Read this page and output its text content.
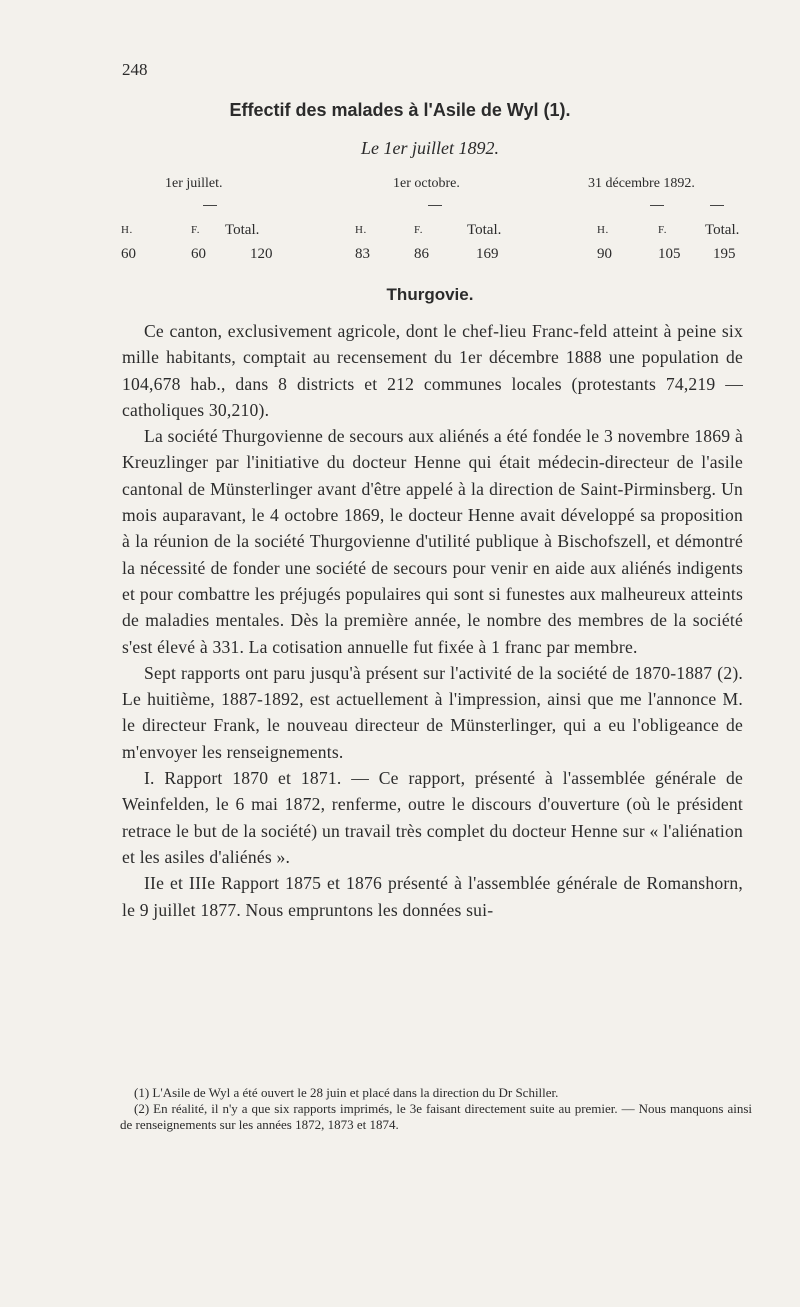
248
Effectif des malades à l'Asile de Wyl (1).
Le 1er juillet 1892.
1er juillet.
H.	F. Total.
60	60	120
1er octobre.
H.	F.	Total.
83	86	169
31 décembre 1892.
H.	F.	Total.
90	105 195
Thurgovie.

Ce canton, exclusivement agricole, dont le chef-lieu Franc-feld atteint à peine six mille habitants, comptait au recensement du 1er décembre 1888 une population de 104,678 hab., dans 8 districts et 212 communes locales (protestants 74,219 — catholiques 30,210).

La société Thurgovienne de secours aux aliénés a été fondée le 3 novembre 1869 à Kreuzlinger par l'initiative du docteur Henne qui était médecin-directeur de l'asile cantonal de Münsterlinger avant d'être appelé à la direction de Saint-Pirminsberg. Un mois auparavant, le 4 octobre 1869, le docteur Henne avait développé sa proposition à la réunion de la société Thurgovienne d'utilité publique à Bischofszell, et démontré la nécessité de fonder une société de secours pour venir en aide aux aliénés indigents et pour combattre les préjugés populaires qui sont si funestes aux malheureux atteints de maladies mentales. Dès la première année, le nombre des membres de la société s'est élevé à 331. La cotisation annuelle fut fixée à 1 franc par membre.

Sept rapports ont paru jusqu'à présent sur l'activité de la société de 1870-1887 (2). Le huitième, 1887-1892, est actuellement à l'impression, ainsi que me l'annonce M. le directeur Frank, le nouveau directeur de Münsterlinger, qui a eu l'obligeance de m'envoyer les renseignements.

I. Rapport 1870 et 1871. — Ce rapport, présenté à l'assemblée générale de Weinfelden, le 6 mai 1872, renferme, outre le discours d'ouverture (où le président retrace le but de la société) un travail très complet du docteur Henne sur « l'aliénation et les asiles d'aliénés ».

IIe et IIIe Rapport 1875 et 1876 présenté à l'assemblée générale de Romanshorn, le 9 juillet 1877. Nous empruntons les données sui-

(1) L'Asile de Wyl a été ouvert le 28 juin et placé dans la direction du Dr Schiller.

(2) En réalité, il n'y a que six rapports imprimés, le 3e faisant directement suite au premier. — Nous manquons ainsi de renseignements sur les années 1872, 1873 et 1874.
